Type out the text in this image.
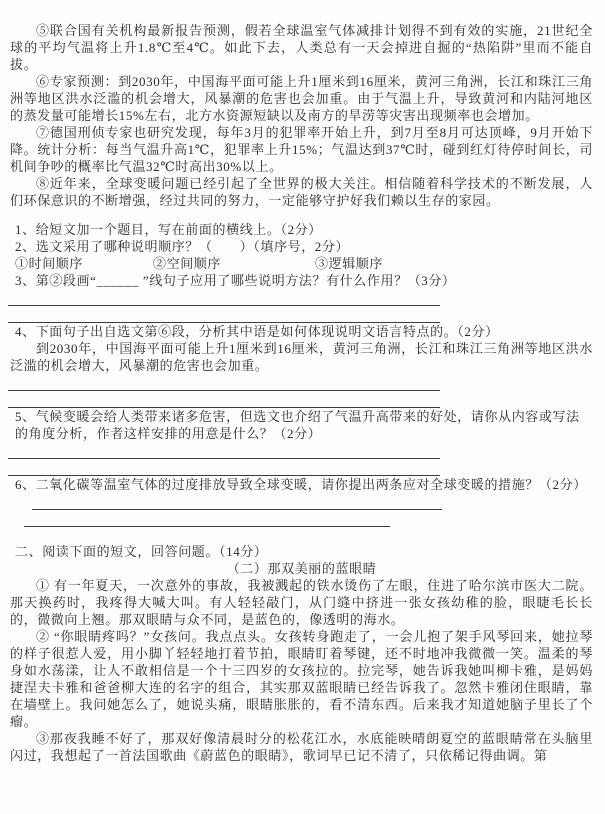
⑤联合国有关机构最新报告预测，假若全球温室气体减排计划得不到有效的实施，21世纪全球的平均气温将上升1.8℃至4℃。如此下去，人类总有一天会掉进自掘的“热陷阱”里而不能自拔。

⑥专家预测：到2030年，中国海平面可能上升1厘米到16厘米，黄河三角洲，长江和珠江三角洲等地区洪水泛滥的机会增大，风暴潮的危害也会加重。由于气温上升，导致黄河和内陆河地区的蒸发量可能增长15%左右，北方水资源短缺以及南方的旱涝等灾害出现频率也会增加。

⑦德国刑侦专家也研究发现，每年3月的犯罪率开始上升，到7月至8月可达顶峰，9月开始下降。统计分析：每当气温升高1℃，犯罪率上升15%；气温达到37℃时，碰到红灯待停时间长，司机间争吵的概率比气温32℃时高出30%以上。

⑧近年来，全球变暖问题已经引起了全世界的极大关注。相信随着科学技术的不断发展，人们环保意识的不断增强，经过共同的努力，一定能够守护好我们赖以生存的家园。

1、给短文加一个题目，写在前面的横线上。（2分）

2、选文采用了哪种说明顺序？（　　）（填序号，2分）

①时间顺序	②空间顺序	③逻辑顺序

3、第②段画“______ ”线句子应用了哪些说明方法？有什么作用？（3分）

4、下面句子出自选文第⑥段，分析其中语是如何体现说明文语言特点的。（2分）

到2030年，中国海平面可能上升1厘米到16厘米，黄河三角洲，长江和珠江三角洲等地区洪水泛滥的机会增大，风暴潮的危害也会加重。

5、气候变暖会给人类带来诸多危害，但选文也介绍了气温升高带来的好处，请你从内容或写法的角度分析，作者这样安排的用意是什么？（2分）

6、二氧化碳等温室气体的过度排放导致全球变暖，请你提出两条应对全球变暖的措施？（2分）

二、阅读下面的短文，回答问题。（14分）

（二）那双美丽的蓝眼睛

① 有一年夏天，一次意外的事故，我被溅起的铁水烫伤了左眼，住进了哈尔滨市医大二院。那天换药时，我疼得大喊大叫。有人轻轻敲门，从门缝中挤进一张女孩幼稚的脸，眼睫毛长长的，微微向上翘。那双眼睛与众不同，是蓝色的，像透明的海水。

② “你眼睛疼吗？”女孩问。我点点头。女孩转身跑走了，一会儿抱了架手风琴回来，她拉琴的样子很惹人爱，用小脚丫轻轻地打着节拍，眼睛盯着琴键，还不时地冲我微微一笑。温柔的琴身如水荡漾，让人不敢相信是一个十三四岁的女孩拉的。拉完琴，她告诉我她叫柳卡雅，是妈妈捷涅夫卡雅和爸爸柳大连的名字的组合，其实那双蓝眼睛已经告诉我了。忽然卡雅闭住眼睛，靠在墙壁上。我问她怎么了，她说头痛，眼睛胀胀的，看不清东西。后来我才知道她脑子里长了个瘤。

③那夜我睡不好了，那双好像清晨时分的松花江水，水底能映晴朗夏空的蓝眼睛常在头脑里闪过，我想起了一首法国歌曲《蔚蓝色的眼睛》，歌词早已记不清了，只依稀记得曲调。第
